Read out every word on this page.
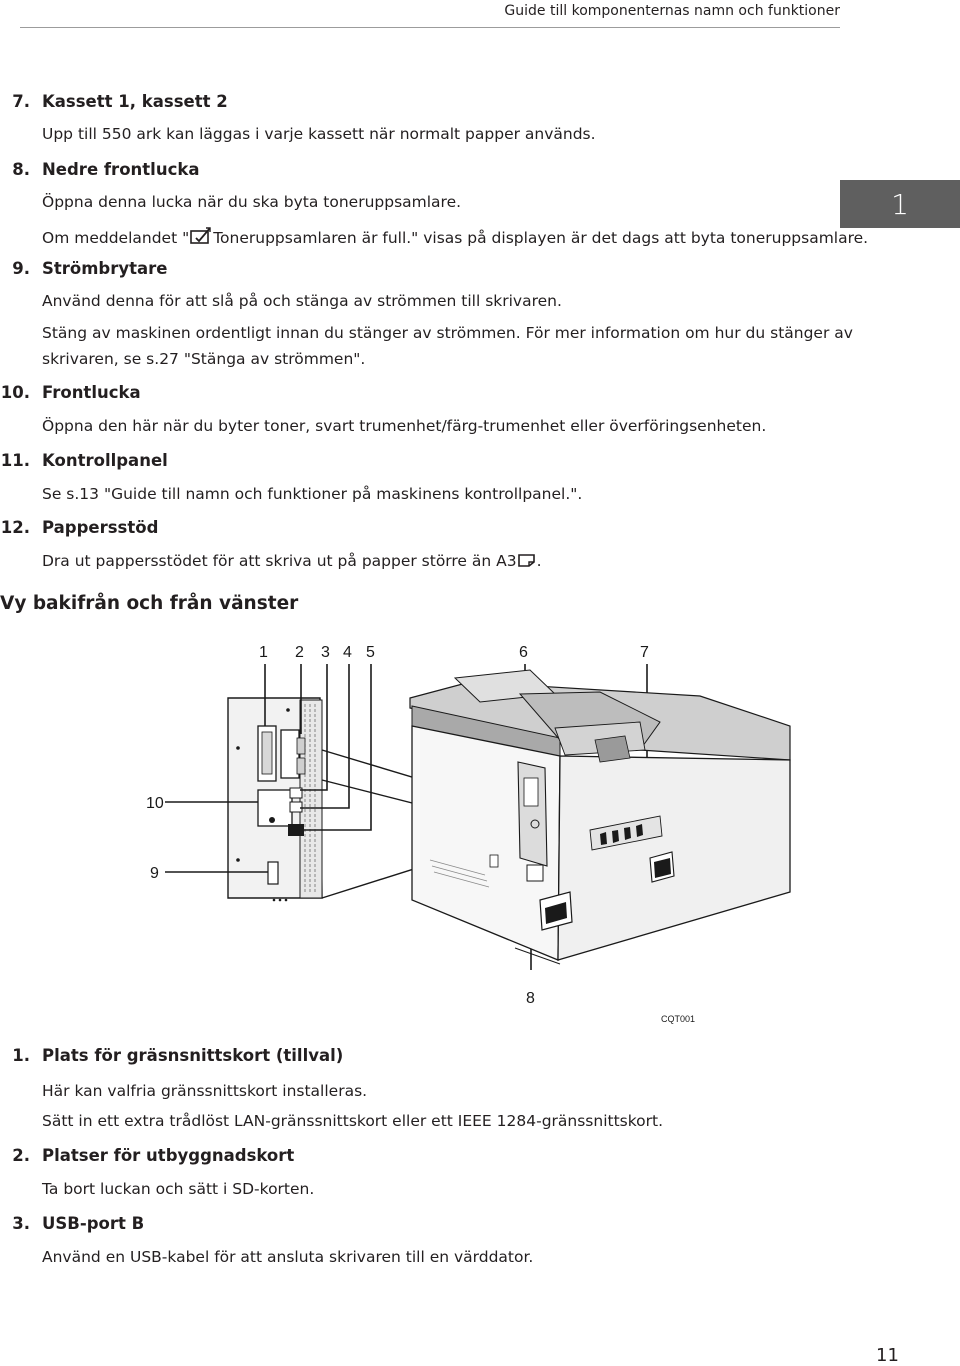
Guide till komponenternas namn och funktioner
1
7. Kassett 1, kassett 2
Upp till 550 ark kan läggas i varje kassett när normalt papper används.
8. Nedre frontlucka
Öppna denna lucka när du ska byta toneruppsamlare.
Om meddelandet " Toneruppsamlaren är full." visas på displayen är det dags att byta toneruppsamlare.
9. Strömbrytare
Använd denna för att slå på och stänga av strömmen till skrivaren.
Stäng av maskinen ordentligt innan du stänger av strömmen. För mer information om hur du stänger av
skrivaren, se s.27 "Stänga av strömmen".
10. Frontlucka
Öppna den här när du byter toner, svart trumenhet/färg-trumenhet eller överföringsenheten.
11. Kontrollpanel
Se s.13 "Guide till namn och funktioner på maskinens kontrollpanel.".
12. Pappersstöd
Dra ut pappersstödet för att skriva ut på papper större än A3 .
Vy bakifrån och från vänster
1 2 3 4 5	6	7
8
9
10
CQT001
1. Plats för gräsnsnittskort (tillval)
Här kan valfria gränssnittskort installeras.
Sätt in ett extra trådlöst LAN-gränssnittskort eller ett IEEE 1284-gränssnittskort.
2. Platser för utbyggnadskort
Ta bort luckan och sätt i SD-korten.
3. USB-port B
Använd en USB-kabel för att ansluta skrivaren till en värddator.
11
